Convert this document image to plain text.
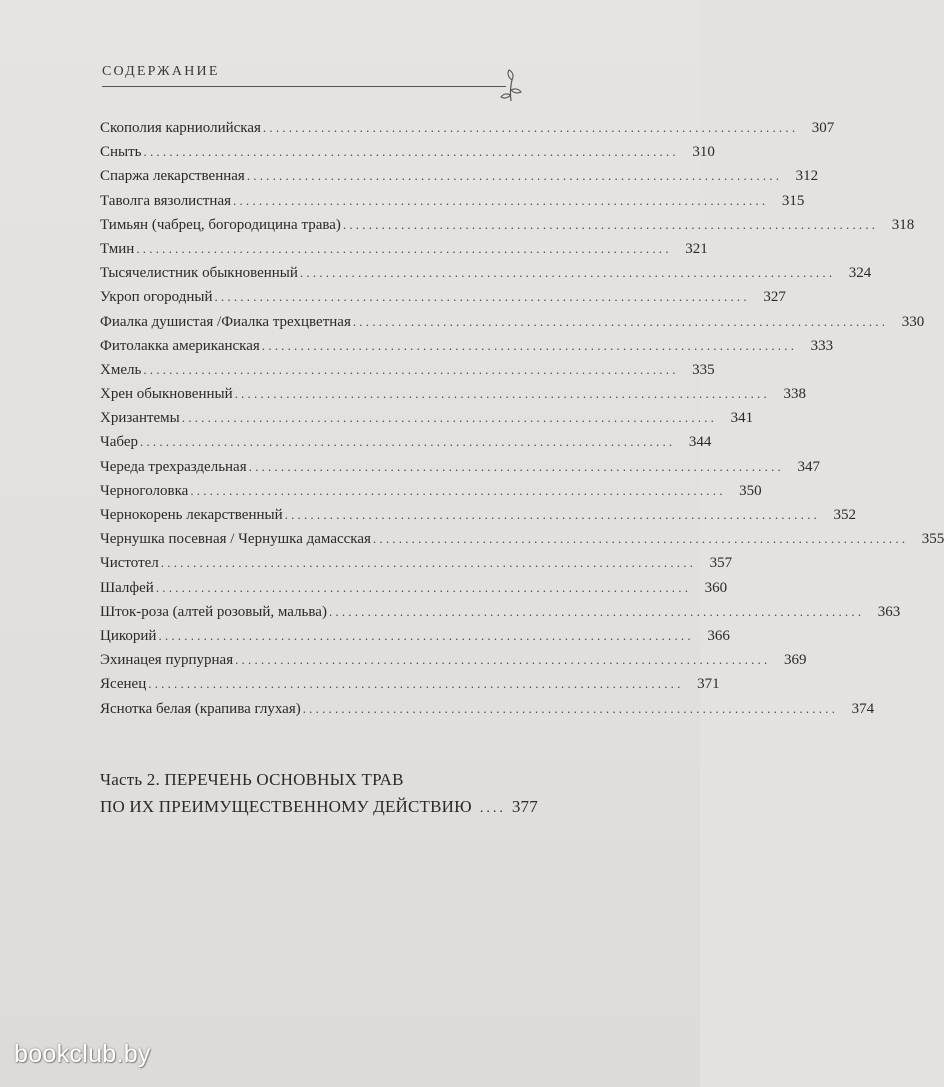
СОДЕРЖАНИЕ
Скополия карниолийская ................................................................................... 307
Сныть ................................................................................... 310
Спаржа лекарственная ................................................................................... 312
Таволга вязолистная ................................................................................... 315
Тимьян (чабрец, богородицина трава) ................................................................................... 318
Тмин ................................................................................... 321
Тысячелистник обыкновенный ................................................................................... 324
Укроп огородный ................................................................................... 327
Фиалка душистая /Фиалка трехцветная ................................................................................... 330
Фитолакка американская ................................................................................... 333
Хмель ................................................................................... 335
Хрен обыкновенный ................................................................................... 338
Хризантемы ................................................................................... 341
Чабер ................................................................................... 344
Череда трехраздельная ................................................................................... 347
Черноголовка ................................................................................... 350
Чернокорень лекарственный ................................................................................... 352
Чернушка посевная / Чернушка дамасская ................................................................................... 355
Чистотел ................................................................................... 357
Шалфей ................................................................................... 360
Шток-роза (алтей розовый, мальва) ................................................................................... 363
Цикорий ................................................................................... 366
Эхинацея пурпурная ................................................................................... 369
Ясенец ................................................................................... 371
Яснотка белая (крапива глухая) ................................................................................... 374
Часть 2. ПЕРЕЧЕНЬ ОСНОВНЫХ ТРАВ
ПО ИХ ПРЕИМУЩЕСТВЕННОМУ ДЕЙСТВИЮ .... 377
bookclub.by
